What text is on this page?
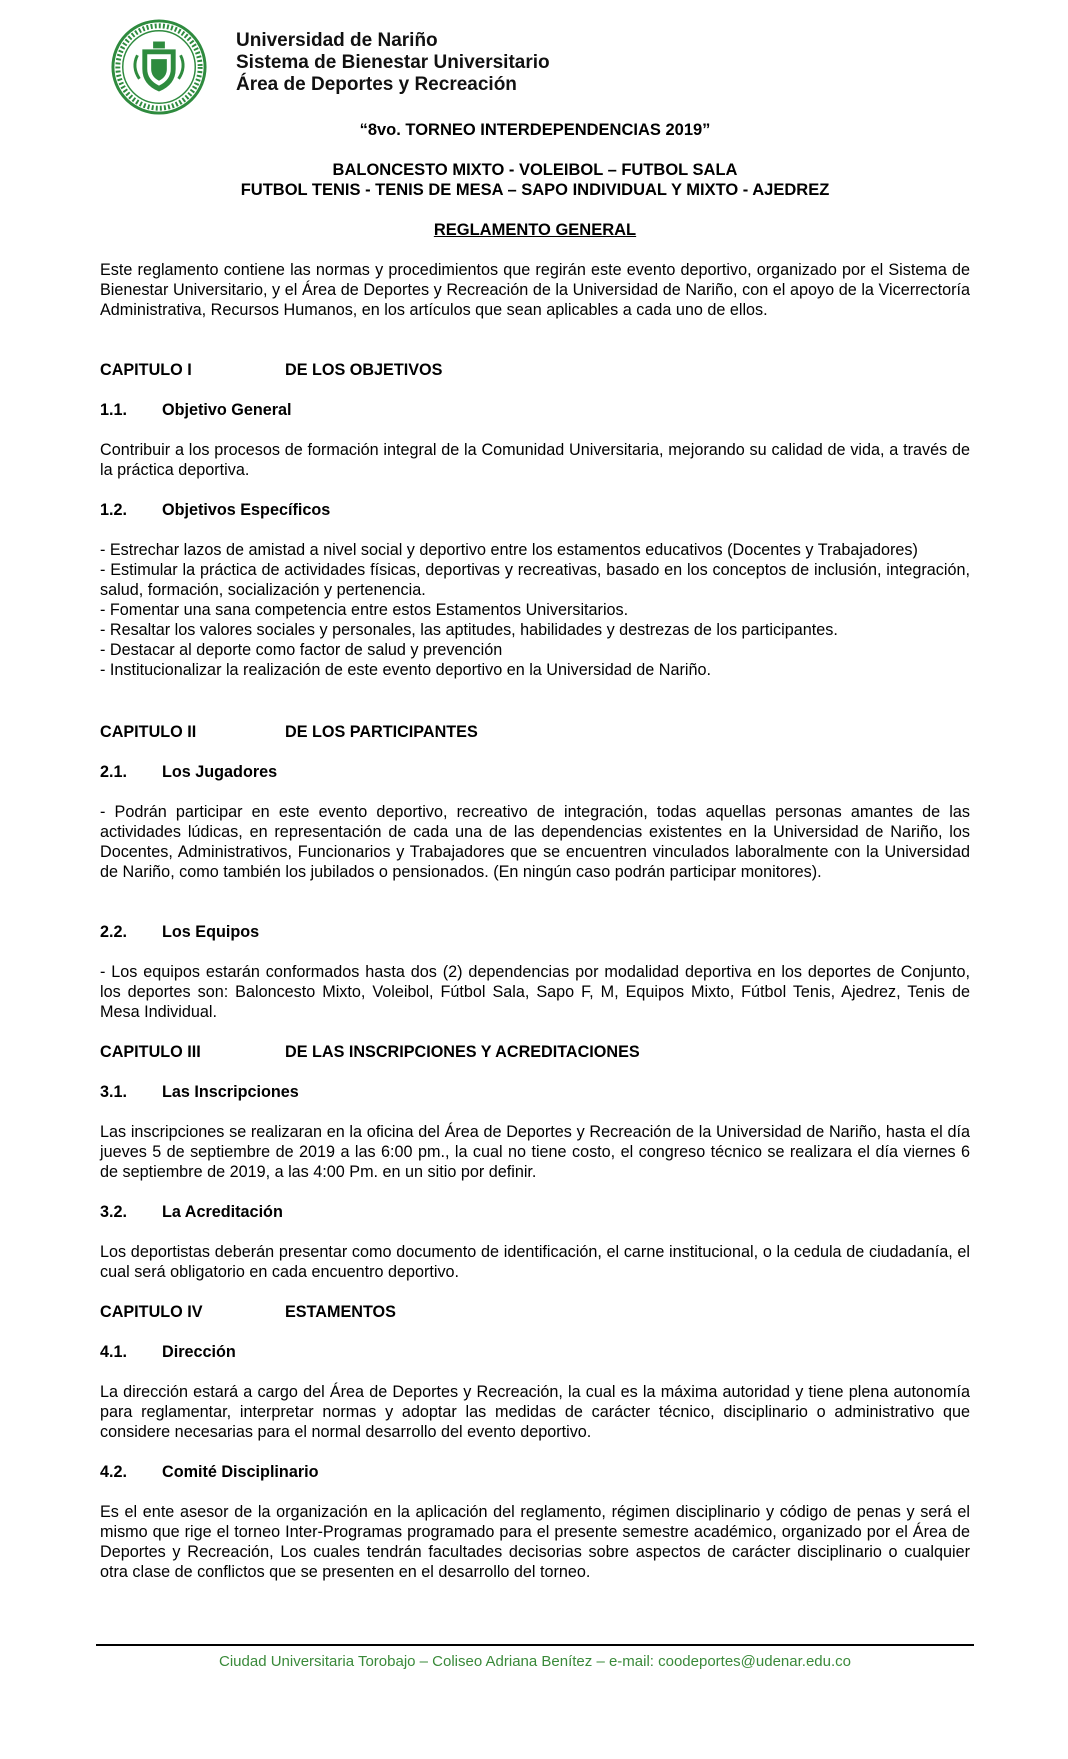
Universidad de Nariño
Sistema de Bienestar Universitario
Área de Deportes y Recreación
“8vo. TORNEO INTERDEPENDENCIAS 2019”
BALONCESTO MIXTO - VOLEIBOL – FUTBOL SALA
FUTBOL TENIS - TENIS DE MESA – SAPO INDIVIDUAL Y MIXTO - AJEDREZ
REGLAMENTO GENERAL
Este reglamento contiene las normas y procedimientos que regirán este evento deportivo, organizado por el Sistema de Bienestar Universitario, y el Área de Deportes y Recreación de la Universidad de Nariño, con el apoyo de la Vicerrectoría Administrativa, Recursos Humanos, en los artículos que sean aplicables a cada uno de ellos.
CAPITULO I	DE LOS OBJETIVOS
1.1. Objetivo General
Contribuir a los procesos de formación integral de la Comunidad Universitaria, mejorando su calidad de vida, a través de la práctica deportiva.
1.2. Objetivos Específicos

- Estrechar lazos de amistad a nivel social y deportivo entre los estamentos educativos (Docentes y Trabajadores)

- Estimular la práctica de actividades físicas, deportivas y recreativas, basado en los conceptos de inclusión, integración, salud, formación, socialización y pertenencia.

- Fomentar una sana competencia entre estos Estamentos Universitarios.

- Resaltar los valores sociales y personales, las aptitudes, habilidades y destrezas de los participantes.

- Destacar al deporte como factor de salud y prevención

- Institucionalizar la realización de este evento deportivo en la Universidad de Nariño.

CAPITULO II	DE LOS PARTICIPANTES
2.1. Los Jugadores
- Podrán participar en este evento deportivo, recreativo de integración, todas aquellas personas amantes de las actividades lúdicas, en representación de cada una de las dependencias existentes en la Universidad de Nariño, los Docentes, Administrativos, Funcionarios y Trabajadores que se encuentren vinculados laboralmente con la Universidad de Nariño, como también los jubilados o pensionados. (En ningún caso podrán participar monitores).
2.2. Los Equipos
- Los equipos estarán conformados hasta dos (2) dependencias por modalidad deportiva en los deportes de Conjunto, los deportes son: Baloncesto Mixto, Voleibol, Fútbol Sala, Sapo F, M, Equipos Mixto, Fútbol Tenis, Ajedrez, Tenis de Mesa Individual.
CAPITULO III	DE LAS INSCRIPCIONES Y ACREDITACIONES
3.1. Las Inscripciones
Las inscripciones se realizaran en la oficina del Área de Deportes y Recreación de la Universidad de Nariño, hasta el día jueves 5 de septiembre de 2019 a las 6:00 pm., la cual no tiene costo, el congreso técnico se realizara el día viernes 6 de septiembre de 2019, a las 4:00 Pm. en un sitio por definir.
3.2. La Acreditación
Los deportistas deberán presentar como documento de identificación, el carne institucional, o la cedula de ciudadanía, el cual será obligatorio en cada encuentro deportivo.
CAPITULO IV	ESTAMENTOS
4.1. Dirección
La dirección estará a cargo del Área de Deportes y Recreación, la cual es la máxima autoridad y tiene plena autonomía para reglamentar, interpretar normas y adoptar las medidas de carácter técnico, disciplinario o administrativo que considere necesarias para el normal desarrollo del evento deportivo.
4.2. Comité Disciplinario
Es el ente asesor de la organización en la aplicación del reglamento, régimen disciplinario y código de penas y será el mismo que rige el torneo Inter-Programas programado para el presente semestre académico, organizado por el Área de Deportes y Recreación, Los cuales tendrán facultades decisorias sobre aspectos de carácter disciplinario o cualquier otra clase de conflictos que se presenten en el desarrollo del torneo.
Ciudad Universitaria Torobajo – Coliseo Adriana Benítez – e-mail: coodeportes@udenar.edu.co
